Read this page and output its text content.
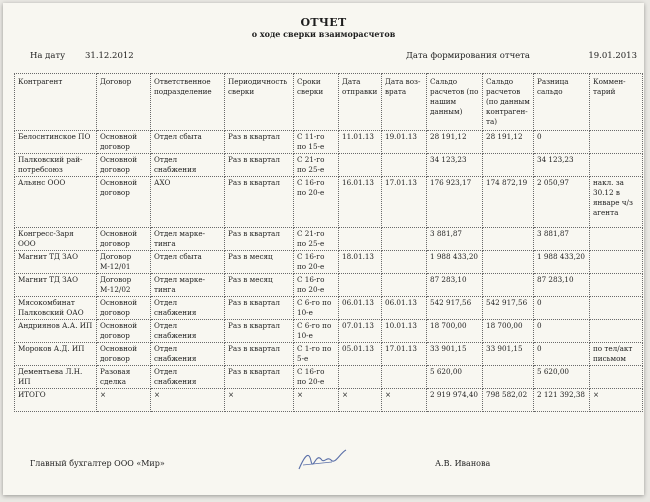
ОТЧЕТ
о ходе сверки взаиморасчетов
На дату 31.12.2012	Дата формирования отчета	19.01.2013
Контрагент	Договор	Ответственное подразделение	Периодичность сверки	Сроки сверки	Дата отправки	Дата воз-врата	Сальдо расчетов (по нашим данным)	Сальдо расчетов (по данным контраген-та)	Разница сальдо	Коммен-тарий
Белоснтинское ПО	Основной договор	Отдел сбыта	Раз в квартал	С 11-го по 15-е	11.01.13	19.01.13	28 191,12	28 191,12	0	
Палковский рай-потребсоюз	Основной договор	Отдел снабжения	Раз в квартал	С 21-го по 25-е			34 123,23		34 123,23	
Альянс ООО	Основной договор	АХО	Раз в квартал	С 16-го по 20-е	16.01.13	17.01.13	176 923,17	174 872,19	2 050,97	накл. за 30.12 в январе ч/з агента
Конгресс-Заря ООО	Основной договор	Отдел марке-тинга	Раз в квартал	С 21-го по 25-е			3 881,87		3 881,87	
Магнит ТД ЗАО	Договор М-12/01	Отдел сбыта	Раз в месяц	С 16-го по 20-е	18.01.13		1 988 433,20		1 988 433,20	
Магнит ТД ЗАО	Договор М-12/02	Отдел марке-тинга	Раз в месяц	С 16-го по 20-е			87 283,10		87 283,10	
Мясокомбинат Палковский ОАО	Основной договор	Отдел снабжения	Раз в квартал	С 6-го по 10-е	06.01.13	06.01.13	542 917,56	542 917,56	0	
Андриянов А.А. ИП	Основной договор	Отдел снабжения	Раз в квартал	С 6-го по 10-е	07.01.13	10.01.13	18 700,00	18 700,00	0	
Мороков А.Д. ИП	Основной договор	Отдел снабжения	Раз в квартал	С 1-го по 5-е	05.01.13	17.01.13	33 901,15	33 901,15	0	по тел/акт письмом
Дементьева Л.Н. ИП	Разовая сделка	Отдел снабжения	Раз в квартал	С 16-го по 20-е			5 620,00		5 620,00	
ИТОГО	×	×	×	×	×	×	2 919 974,40	798 582,02	2 121 392,38	×
Главный бухгалтер ООО «Мир»	А.В. Иванова
